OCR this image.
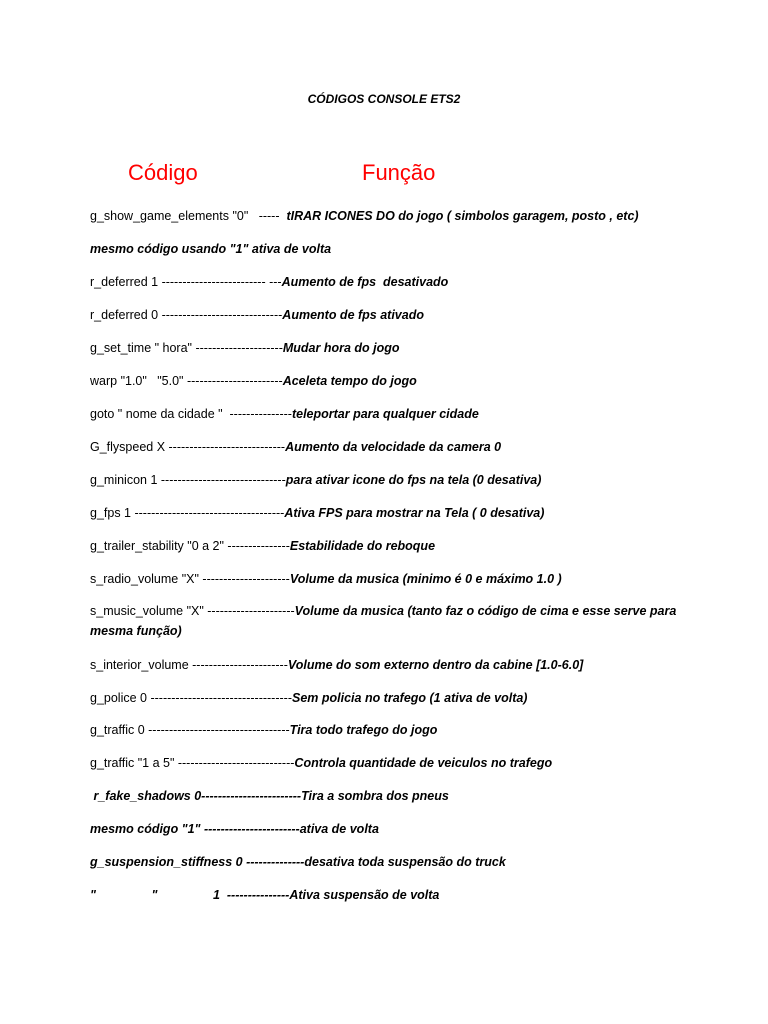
CÓDIGOS CONSOLE ETS2
Código	Função
g_show_game_elements "0"   -----  tIRAR ICONES DO do jogo ( simbolos garagem, posto , etc)
mesmo código usando "1" ativa de volta
r_deferred 1 ------------------------- ---Aumento de fps  desativado
r_deferred 0 -----------------------------Aumento de fps ativado
g_set_time " hora" ---------------------Mudar hora do jogo
warp "1.0"   "5.0" -----------------------Aceleta tempo do jogo
goto " nome da cidade "  ---------------teleportar para qualquer cidade
G_flyspeed X ----------------------------Aumento da velocidade da camera 0
g_minicon 1 ------------------------------para ativar icone do fps na tela (0 desativa)
g_fps 1 ------------------------------------Ativa FPS para mostrar na Tela ( 0 desativa)
g_trailer_stability "0 a 2" ---------------Estabilidade do reboque
s_radio_volume "X" ---------------------Volume da musica (minimo é 0 e máximo 1.0 )
s_music_volume "X" ---------------------Volume da musica (tanto faz o código de cima e esse serve para mesma função)
s_interior_volume -----------------------Volume do som externo dentro da cabine [1.0-6.0]
g_police 0 ----------------------------------Sem policia no trafego (1 ativa de volta)
g_traffic 0 ----------------------------------Tira todo trafego do jogo
g_traffic "1 a 5" ----------------------------Controla quantidade de veiculos no trafego
r_fake_shadows 0------------------------Tira a sombra dos pneus
mesmo código "1" -----------------------ativa de volta
g_suspension_stiffness 0 --------------desativa toda suspensão do truck
"                "                1  ---------------Ativa suspensão de volta
